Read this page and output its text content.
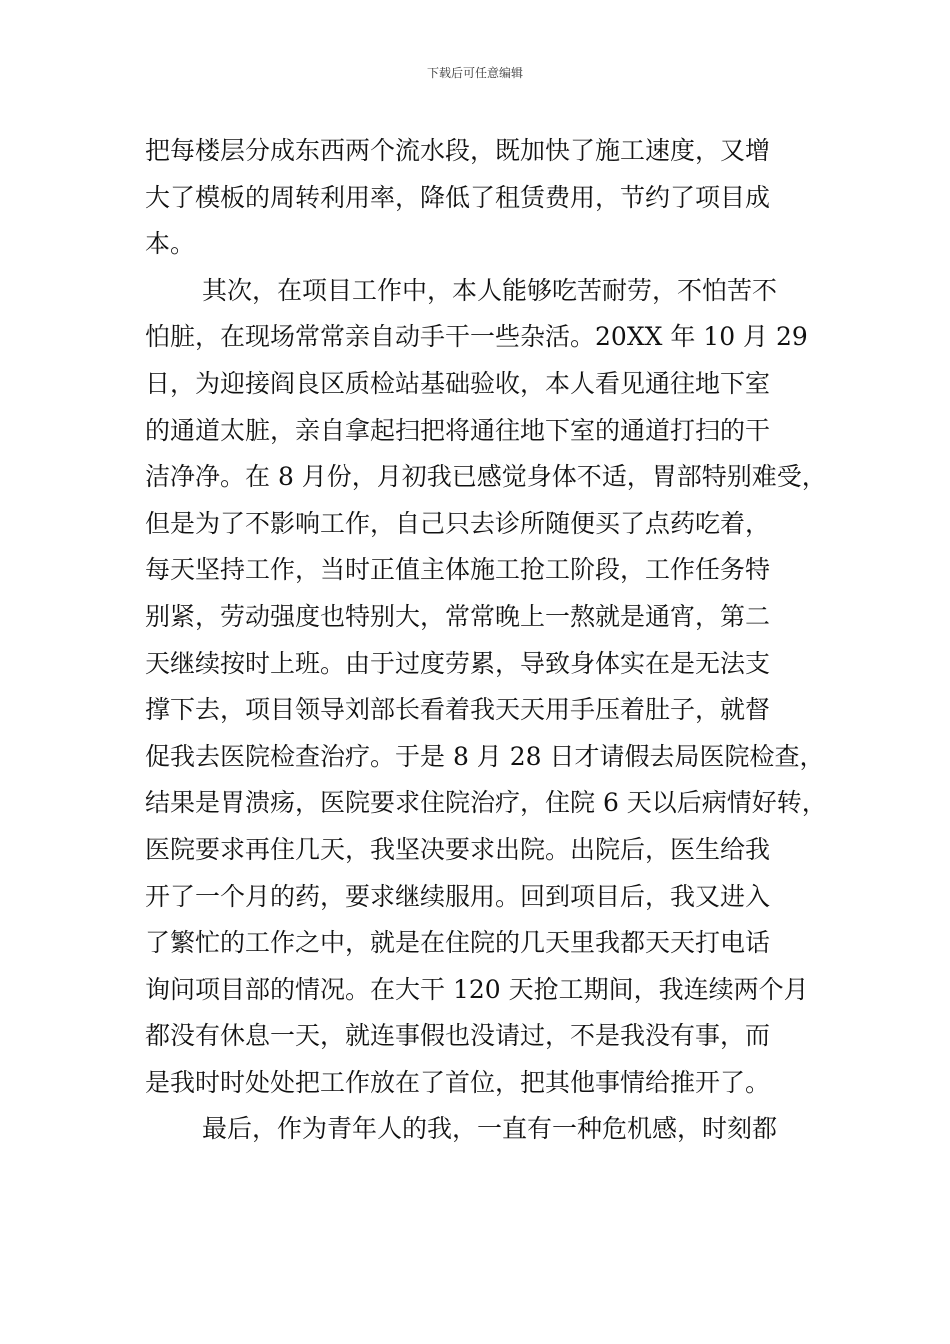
下载后可任意编辑
把每楼层分成东西两个流水段，既加快了施工速度，又增
大了模板的周转利用率，降低了租赁费用，节约了项目成
本。
其次，在项目工作中，本人能够吃苦耐劳，不怕苦不
怕脏，在现场常常亲自动手干一些杂活。20XX 年 10 月 29
日，为迎接阎良区质检站基础验收，本人看见通往地下室
的通道太脏，亲自拿起扫把将通往地下室的通道打扫的干
洁净净。在 8 月份，月初我已感觉身体不适，胃部特别难受，
但是为了不影响工作，自己只去诊所随便买了点药吃着，
每天坚持工作，当时正值主体施工抢工阶段，工作任务特
别紧，劳动强度也特别大，常常晚上一熬就是通宵，第二
天继续按时上班。由于过度劳累，导致身体实在是无法支
撑下去，项目领导刘部长看着我天天用手压着肚子，就督
促我去医院检查治疗。于是 8 月 28 日才请假去局医院检查，
结果是胃溃疡，医院要求住院治疗，住院 6 天以后病情好转，
医院要求再住几天，我坚决要求出院。出院后，医生给我
开了一个月的药，要求继续服用。回到项目后，我又进入
了繁忙的工作之中，就是在住院的几天里我都天天打电话
询问项目部的情况。在大干 120 天抢工期间，我连续两个月
都没有休息一天，就连事假也没请过，不是我没有事，而
是我时时处处把工作放在了首位，把其他事情给推开了。
最后，作为青年人的我，一直有一种危机感，时刻都
